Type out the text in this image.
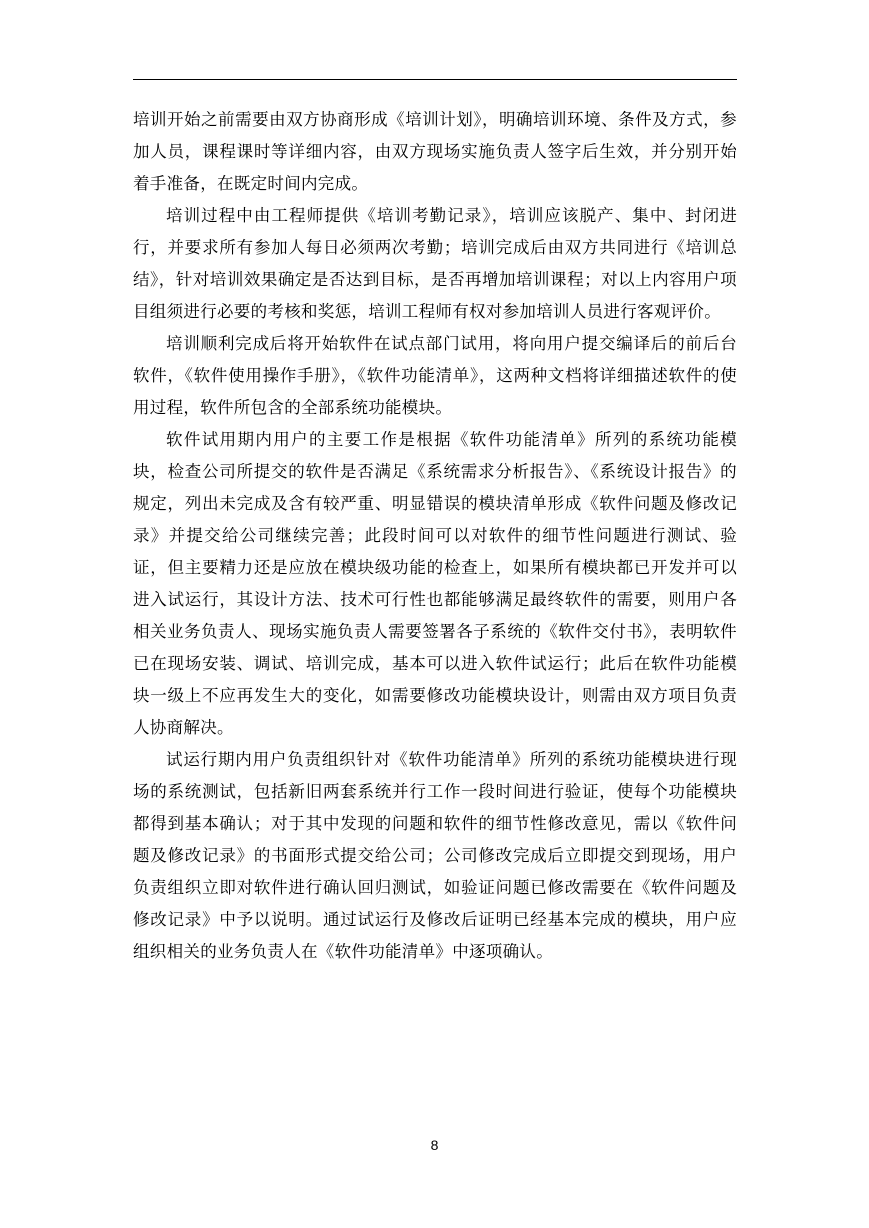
培训开始之前需要由双方协商形成《培训计划》，明确培训环境、条件及方式，参加人员，课程课时等详细内容，由双方现场实施负责人签字后生效，并分别开始着手准备，在既定时间内完成。

培训过程中由工程师提供《培训考勤记录》，培训应该脱产、集中、封闭进行，并要求所有参加人每日必须两次考勤；培训完成后由双方共同进行《培训总结》，针对培训效果确定是否达到目标，是否再增加培训课程；对以上内容用户项目组须进行必要的考核和奖惩，培训工程师有权对参加培训人员进行客观评价。

培训顺利完成后将开始软件在试点部门试用，将向用户提交编译后的前后台软件，《软件使用操作手册》，《软件功能清单》，这两种文档将详细描述软件的使用过程，软件所包含的全部系统功能模块。

软件试用期内用户的主要工作是根据《软件功能清单》所列的系统功能模块，检查公司所提交的软件是否满足《系统需求分析报告》、《系统设计报告》的规定，列出未完成及含有较严重、明显错误的模块清单形成《软件问题及修改记录》并提交给公司继续完善；此段时间可以对软件的细节性问题进行测试、验证，但主要精力还是应放在模块级功能的检查上，如果所有模块都已开发并可以进入试运行，其设计方法、技术可行性也都能够满足最终软件的需要，则用户各相关业务负责人、现场实施负责人需要签署各子系统的《软件交付书》，表明软件已在现场安装、调试、培训完成，基本可以进入软件试运行；此后在软件功能模块一级上不应再发生大的变化，如需要修改功能模块设计，则需由双方项目负责人协商解决。

试运行期内用户负责组织针对《软件功能清单》所列的系统功能模块进行现场的系统测试，包括新旧两套系统并行工作一段时间进行验证，使每个功能模块都得到基本确认；对于其中发现的问题和软件的细节性修改意见，需以《软件问题及修改记录》的书面形式提交给公司；公司修改完成后立即提交到现场，用户负责组织立即对软件进行确认回归测试，如验证问题已修改需要在《软件问题及修改记录》中予以说明。通过试运行及修改后证明已经基本完成的模块，用户应组织相关的业务负责人在《软件功能清单》中逐项确认。

8
